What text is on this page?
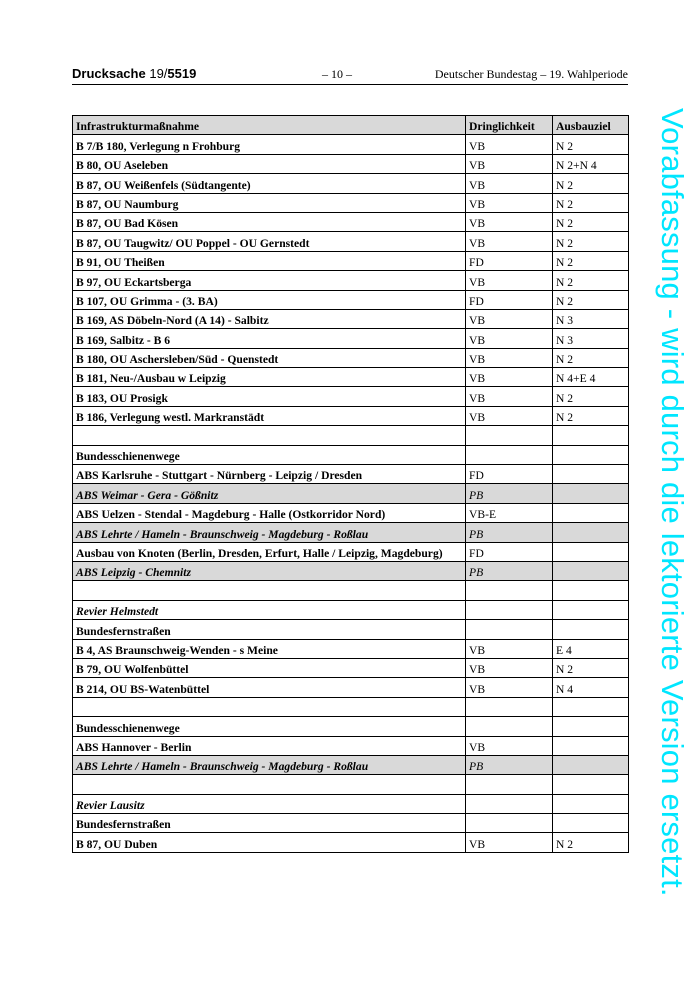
Drucksache 19/5519	– 10 –	Deutscher Bundestag – 19. Wahlperiode
Infrastrukturmaßnahme	Dringlichkeit	Ausbauziel
B 7/B 180, Verlegung n Frohburg	VB	N 2
B 80, OU Aseleben	VB	N 2+N 4
B 87, OU Weißenfels (Südtangente)	VB	N 2
B 87, OU Naumburg	VB	N 2
B 87, OU Bad Kösen	VB	N 2
B 87, OU Taugwitz/ OU Poppel - OU Gernstedt	VB	N 2
B 91, OU Theißen	FD	N 2
B 97, OU Eckartsberga	VB	N 2
B 107, OU Grimma - (3. BA)	FD	N 2
B 169, AS Döbeln-Nord (A 14) - Salbitz	VB	N 3
B 169, Salbitz - B 6	VB	N 3
B 180, OU Aschersleben/Süd - Quenstedt	VB	N 2
B 181, Neu-/Ausbau w Leipzig	VB	N 4+E 4
B 183, OU Prosigk	VB	N 2
B 186, Verlegung westl. Markranstädt	VB	N 2

Bundesschienenwege		
ABS Karlsruhe - Stuttgart - Nürnberg - Leipzig / Dresden	FD	
ABS Weimar - Gera - Gößnitz	PB	
ABS Uelzen - Stendal - Magdeburg - Halle (Ostkorridor Nord)	VB-E	
ABS Lehrte / Hameln - Braunschweig - Magdeburg - Roßlau	PB	
Ausbau von Knoten (Berlin, Dresden, Erfurt, Halle / Leipzig, Magdeburg)	FD	
ABS Leipzig - Chemnitz	PB	

Revier Helmstedt		
Bundesfernstraßen		
B 4, AS Braunschweig-Wenden - s Meine	VB	E 4
B 79, OU Wolfenbüttel	VB	N 2
B 214, OU BS-Watenbüttel	VB	N 4

Bundesschienenwege		
ABS Hannover - Berlin	VB	
ABS Lehrte / Hameln - Braunschweig - Magdeburg - Roßlau	PB	

Revier Lausitz		
Bundesfernstraßen		
B 87, OU Duben	VB	N 2	Vorabfassung - wird durch die lektorierte Version ersetzt.
